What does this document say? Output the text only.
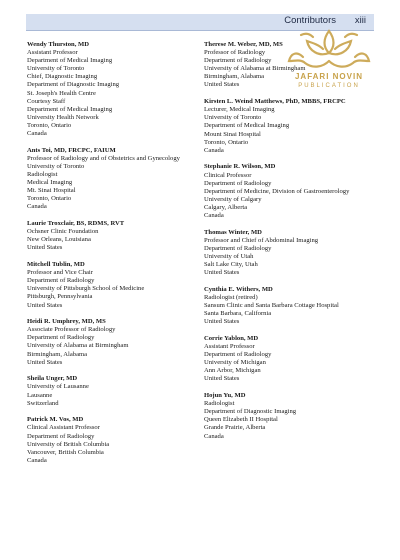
Contributors xiii
JAFARI NOVIN
PUBLICATION
Wendy Thurston, MD
Assistant Professor
Department of Medical Imaging
University of Toronto
Chief, Diagnostic Imaging
Department of Diagnostic Imaging
St. Joseph's Health Centre
Courtesy Staff
Department of Medical Imaging
University Health Network
Toronto, Ontario
Canada
Ants Toi, MD, FRCPC, FAIUM
Professor of Radiology and of Obstetrics and Gynecology
University of Toronto
Radiologist
Medical Imaging
Mt. Sinai Hospital
Toronto, Ontario
Canada
Laurie Troxclair, BS, RDMS, RVT
Ochsner Clinic Foundation
New Orleans, Louisiana
United States
Mitchell Tublin, MD
Professor and Vice Chair
Department of Radiology
University of Pittsburgh School of Medicine
Pittsburgh, Pennsylvania
United States
Heidi R. Umphrey, MD, MS
Associate Professor of Radiology
Department of Radiology
University of Alabama at Birmingham
Birmingham, Alabama
United States
Sheila Unger, MD
University of Lausanne
Lausanne
Switzerland
Patrick M. Vos, MD
Clinical Assistant Professor
Department of Radiology
University of British Columbia
Vancouver, British Columbia
Canada
Therese M. Weber, MD, MS
Professor of Radiology
Department of Radiology
University of Alabama at Birmingham
Birmingham, Alabama
United States
Kirsten L. Weind Matthews, PhD, MBBS, FRCPC
Lecturer, Medical Imaging
University of Toronto
Department of Medical Imaging
Mount Sinai Hospital
Toronto, Ontario
Canada
Stephanie R. Wilson, MD
Clinical Professor
Department of Radiology
Department of Medicine, Division of Gastroenterology
University of Calgary
Calgary, Alberta
Canada
Thomas Winter, MD
Professor and Chief of Abdominal Imaging
Department of Radiology
University of Utah
Salt Lake City, Utah
United States
Cynthia E. Withers, MD
Radiologist (retired)
Sansum Clinic and Santa Barbara Cottage Hospital
Santa Barbara, California
United States
Corrie Yablon, MD
Assistant Professor
Department of Radiology
University of Michigan
Ann Arbor, Michigan
United States
Hojun Yu, MD
Radiologist
Department of Diagnostic Imaging
Queen Elizabeth II Hospital
Grande Prairie, Alberta
Canada
